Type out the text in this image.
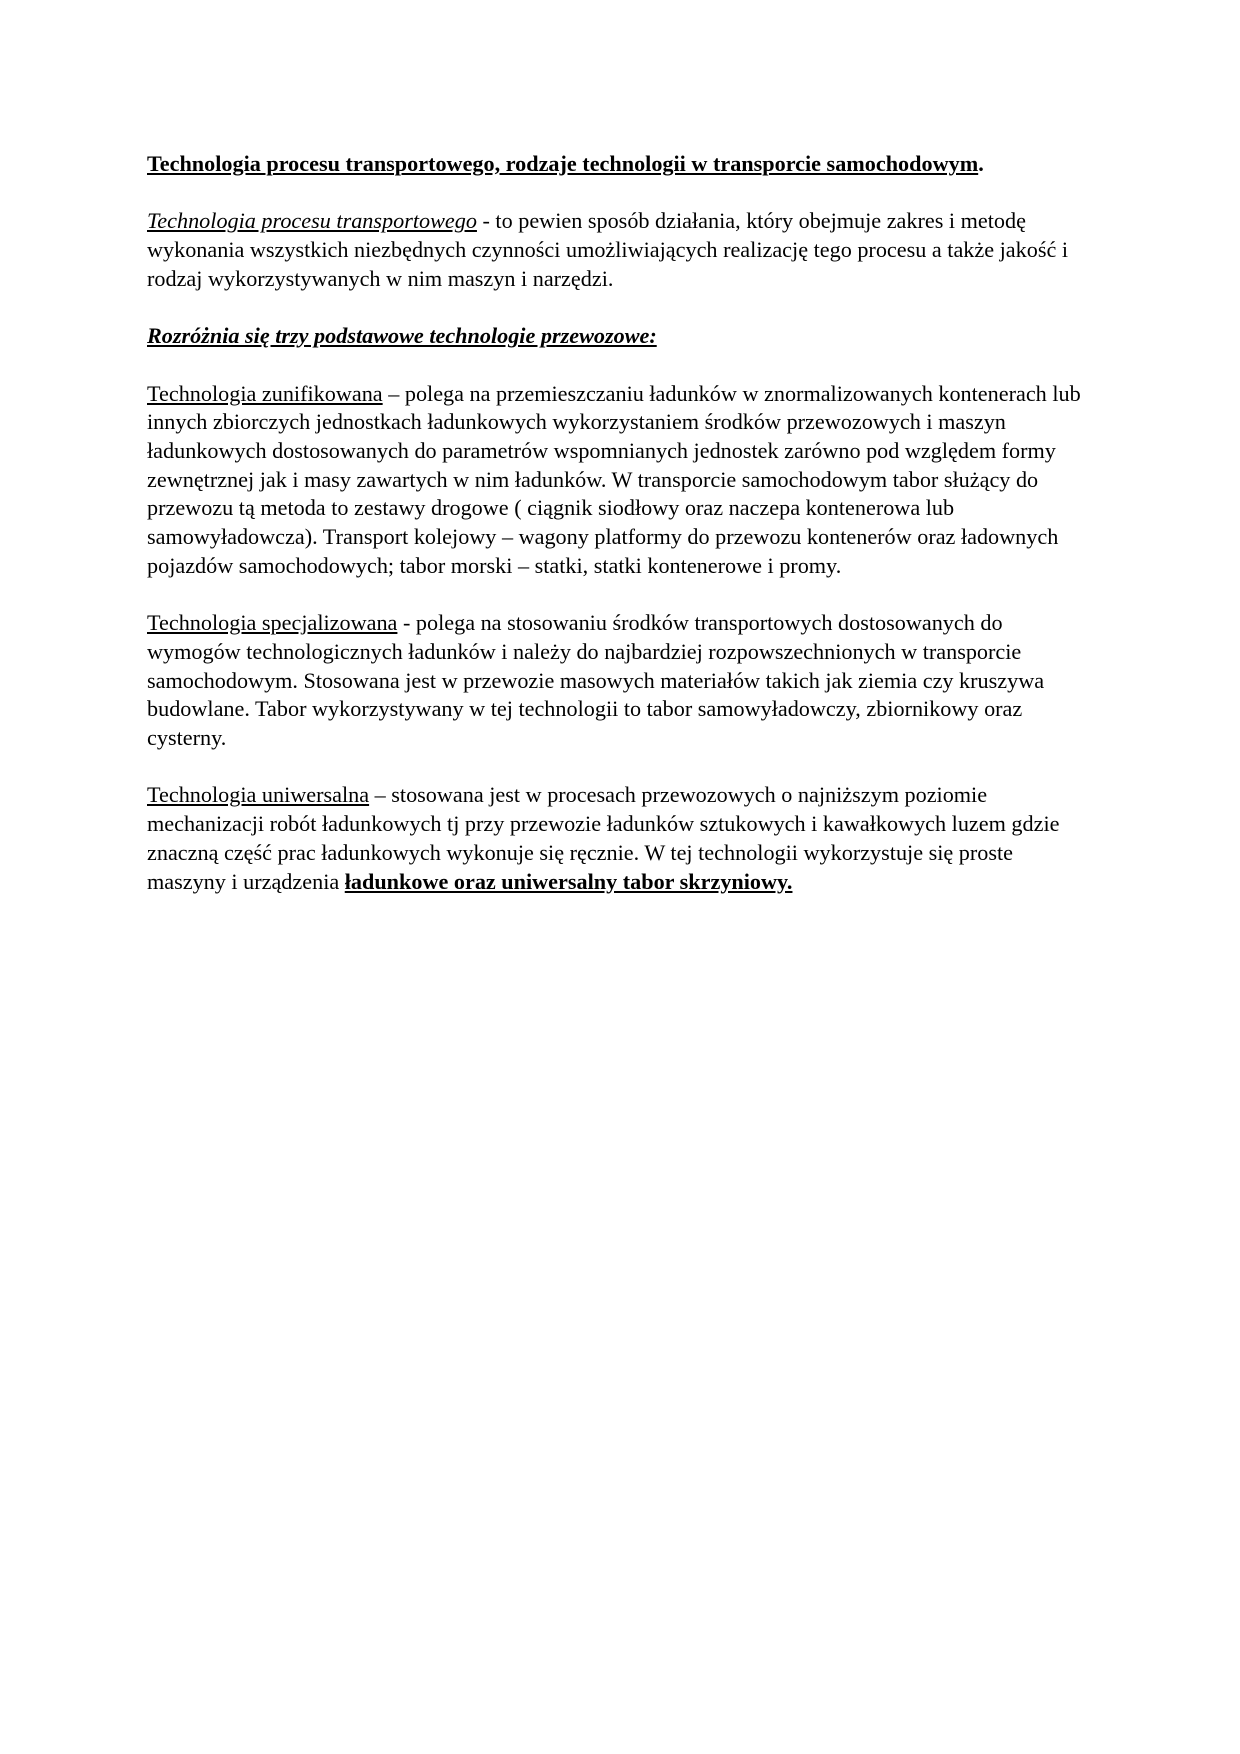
Technologia procesu transportowego, rodzaje technologii w transporcie samochodowym.

Technologia procesu transportowego - to pewien sposób działania, który obejmuje zakres i metodę wykonania wszystkich niezbędnych czynności umożliwiających realizację tego procesu a także jakość i rodzaj wykorzystywanych w nim maszyn i narzędzi.

Rozróżnia się trzy podstawowe technologie przewozowe:

Technologia zunifikowana – polega na przemieszczaniu ładunków w znormalizowanych kontenerach lub innych zbiorczych jednostkach ładunkowych wykorzystaniem środków przewozowych i maszyn ładunkowych dostosowanych do parametrów wspomnianych jednostek zarówno pod względem formy zewnętrznej jak i masy zawartych w nim ładunków. W transporcie samochodowym tabor służący do przewozu tą metoda to zestawy drogowe ( ciągnik siodłowy oraz naczepa kontenerowa lub samowyładowcza). Transport kolejowy – wagony platformy do przewozu kontenerów oraz ładownych pojazdów samochodowych; tabor morski – statki, statki kontenerowe i promy.

Technologia specjalizowana - polega na stosowaniu środków transportowych dostosowanych do wymogów technologicznych ładunków i należy do najbardziej rozpowszechnionych w transporcie samochodowym. Stosowana jest w przewozie masowych materiałów takich jak ziemia czy kruszywa budowlane. Tabor wykorzystywany w tej technologii to tabor samowyładowczy, zbiornikowy oraz cysterny.

Technologia uniwersalna – stosowana jest w procesach przewozowych o najniższym poziomie mechanizacji robót ładunkowych tj przy przewozie ładunków sztukowych i kawałkowych luzem gdzie znaczną część prac ładunkowych wykonuje się ręcznie. W tej technologii wykorzystuje się proste maszyny i urządzenia ładunkowe oraz uniwersalny tabor skrzyniowy.
